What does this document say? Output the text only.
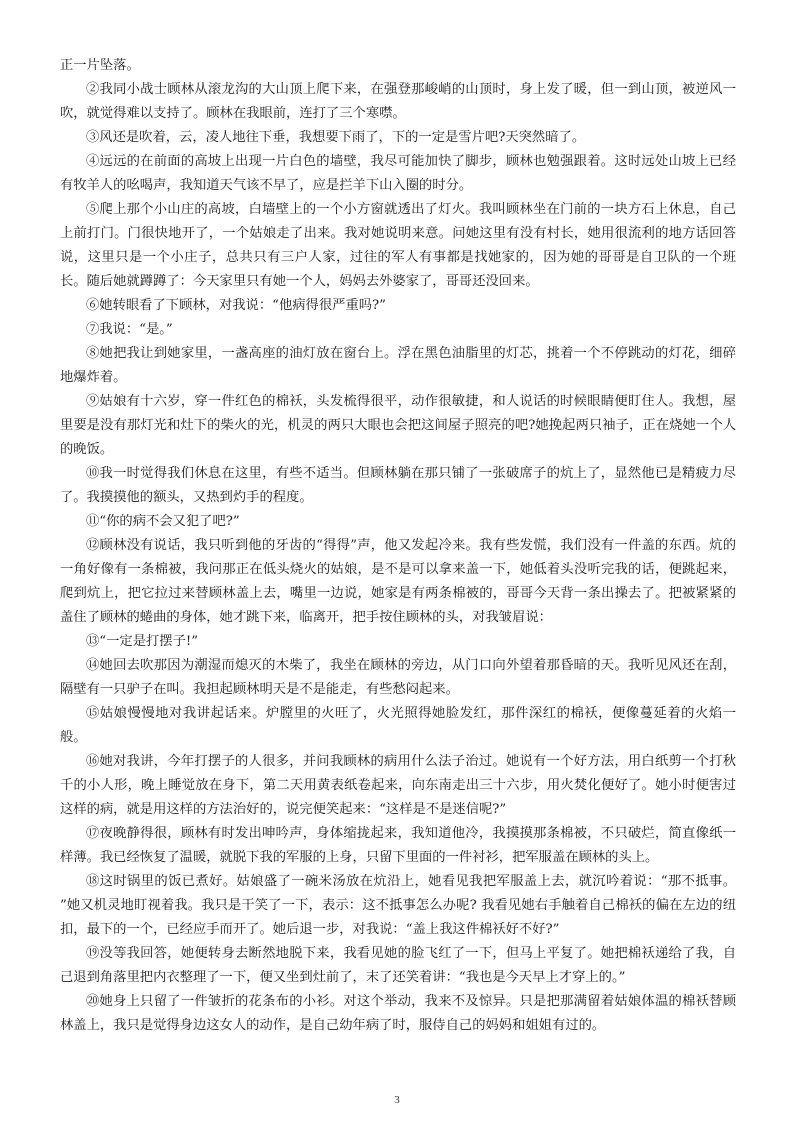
正一片坠落。

②我同小战士顾林从滚龙沟的大山顶上爬下来，在强登那峻峭的山顶时，身上发了暖，但一到山顶，被逆风一吹，就觉得难以支持了。顾林在我眼前，连打了三个寒噤。

③风还是吹着，云，凌人地往下垂，我想要下雨了，下的一定是雪片吧?天突然暗了。

④远远的在前面的高坡上出现一片白色的墙壁，我尽可能加快了脚步，顾林也勉强跟着。这时远处山坡上已经有牧羊人的吆喝声，我知道天气该不早了，应是拦羊下山入圈的时分。

⑤爬上那个小山庄的高坡，白墙壁上的一个小方窗就透出了灯火。我叫顾林坐在门前的一块方石上休息，自己上前打门。门很快地开了，一个姑娘走了出来。我对她说明来意。问她这里有没有村长，她用很流利的地方话回答说，这里只是一个小庄子，总共只有三户人家，过往的军人有事都是找她家的，因为她的哥哥是自卫队的一个班长。随后她就蹲蹲了：今天家里只有她一个人，妈妈去外婆家了，哥哥还没回来。

⑥她转眼看了下顾林，对我说：“他病得很严重吗?”

⑦我说：“是。”

⑧她把我让到她家里，一盏高座的油灯放在窗台上。浮在黑色油脂里的灯芯，挑着一个不停跳动的灯花，细碎地爆炸着。

⑨姑娘有十六岁，穿一件红色的棉袄，头发梳得很平，动作很敏捷，和人说话的时候眼睛便盯住人。我想，屋里要是没有那灯光和灶下的柴火的光，机灵的两只大眼也会把这间屋子照亮的吧?她挽起两只袖子，正在烧她一个人的晚饭。

⑩我一时觉得我们休息在这里，有些不适当。但顾林躺在那只铺了一张破席子的炕上了，显然他已是精疲力尽了。我摸摸他的额头，又热到灼手的程度。

⑪“你的病不会又犯了吧?”

⑫顾林没有说话，我只听到他的牙齿的“得得”声，他又发起冷来。我有些发慌，我们没有一件盖的东西。炕的一角好像有一条棉被，我问那正在低头烧火的姑娘，是不是可以拿来盖一下，她低着头没听完我的话，便跳起来，爬到炕上，把它拉过来替顾林盖上去，嘴里一边说，她家是有两条棉被的，哥哥今天背一条出操去了。把被紧紧的盖住了顾林的蜷曲的身体，她才跳下来，临离开，把手按住顾林的头，对我皱眉说：

⑬“一定是打摆子!”

⑭她回去吹那因为潮湿而熄灭的木柴了，我坐在顾林的旁边，从门口向外望着那昏暗的天。我听见风还在刮，隔壁有一只驴子在叫。我担起顾林明天是不是能走，有些愁闷起来。

⑮姑娘慢慢地对我讲起话来。炉膛里的火旺了，火光照得她脸发红，那件深红的棉袄，便像蔓延着的火焰一般。

⑯她对我讲，今年打摆子的人很多，并问我顾林的病用什么法子治过。她说有一个好方法，用白纸剪一个打秋千的小人形，晚上睡觉放在身下，第二天用黄表纸卷起来，向东南走出三十六步，用火焚化便好了。她小时便害过这样的病，就是用这样的方法治好的，说完便笑起来：“这样是不是迷信呢?”

⑰夜晚静得很，顾林有时发出呻吟声，身体缩拢起来，我知道他冷，我摸摸那条棉被，不只破烂，简直像纸一样薄。我已经恢复了温暖，就脱下我的军服的上身，只留下里面的一件衬衫，把军服盖在顾林的头上。

⑱这时锅里的饭已煮好。姑娘盛了一碗米汤放在炕沿上，她看见我把军服盖上去，就沉吟着说：“那不抵事。 ”她又机灵地盯视着我。我只是干笑了一下，表示：这不抵事怎么办呢? 我看见她右手触着自己棉袄的偏在左边的纽扣，最下的一个，已经应手而开了。她后退一步，对我说：“盖上我这件棉袄好不好?”

⑲没等我回答，她便转身去断然地脱下来，我看见她的脸飞红了一下，但马上平复了。她把棉袄递给了我，自己退到角落里把内衣整理了一下，便又坐到灶前了，末了还笑着讲：“我也是今天早上才穿上的。”

⑳她身上只留了一件皱折的花条布的小衫。对这个举动，我来不及惊异。只是把那满留着姑娘体温的棉袄替顾林盖上，我只是觉得身边这女人的动作，是自己幼年病了时，服侍自己的妈妈和姐姐有过的。

3
